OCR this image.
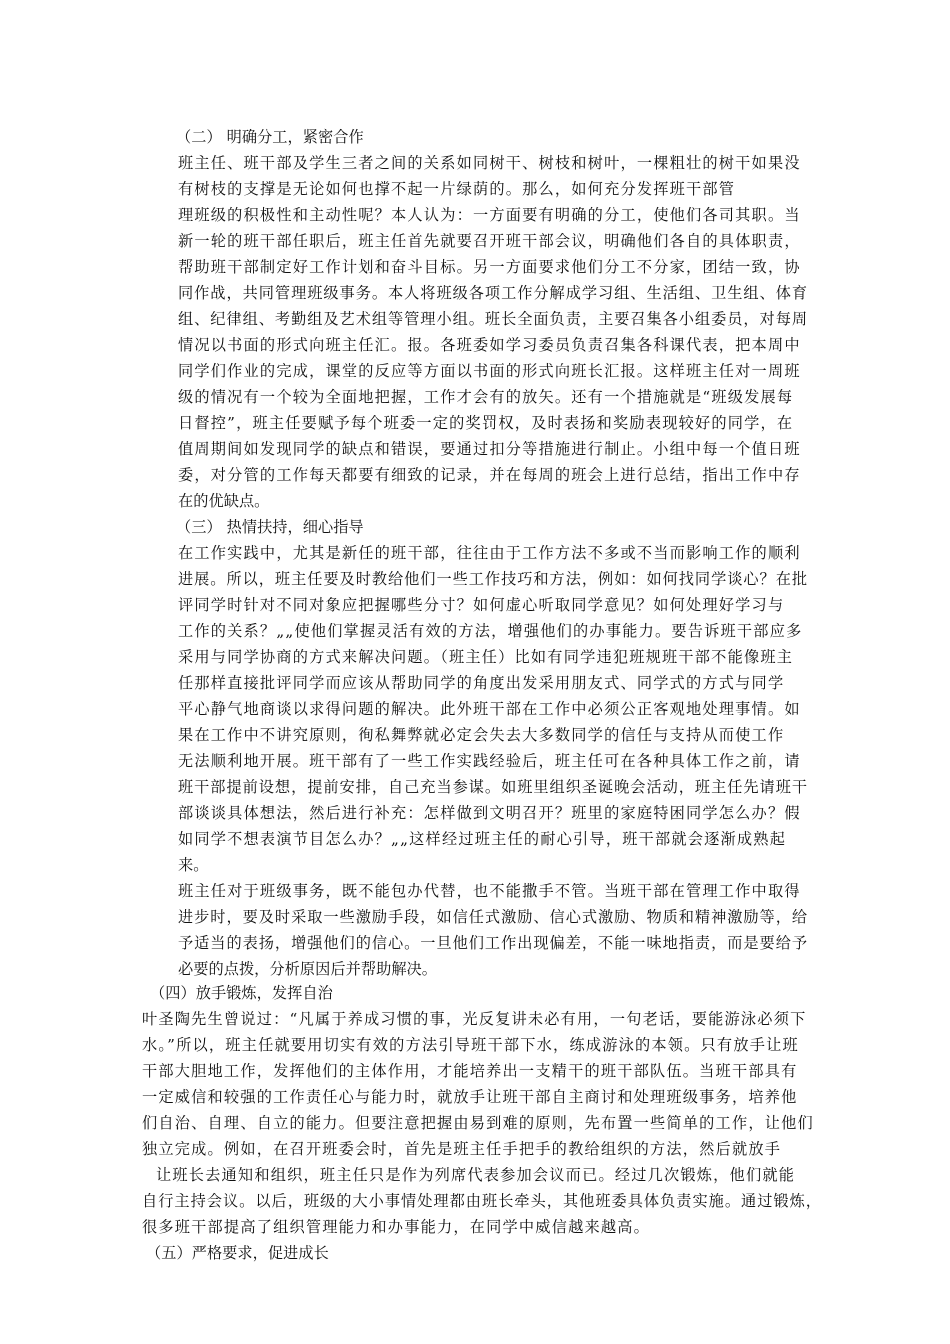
（二） 明确分工，紧密合作
班主任、班干部及学生三者之间的关系如同树干、树枝和树叶，一棵粗壮的树干如果没
有树枝的支撑是无论如何也撑不起一片绿荫的。那么，如何充分发挥班干部管
理班级的积极性和主动性呢？本人认为：一方面要有明确的分工，使他们各司其职。当
新一轮的班干部任职后，班主任首先就要召开班干部会议，明确他们各自的具体职责，
帮助班干部制定好工作计划和奋斗目标。另一方面要求他们分工不分家，团结一致，协
同作战，共同管理班级事务。本人将班级各项工作分解成学习组、生活组、卫生组、体育
组、纪律组、考勤组及艺术组等管理小组。班长全面负责，主要召集各小组委员，对每周
情况以书面的形式向班主任汇。报。各班委如学习委员负责召集各科课代表，把本周中
同学们作业的完成，课堂的反应等方面以书面的形式向班长汇报。这样班主任对一周班
级的情况有一个较为全面地把握，工作才会有的放矢。还有一个措施就是“班级发展每
日督控”，班主任要赋予每个班委一定的奖罚权，及时表扬和奖励表现较好的同学，在
值周期间如发现同学的缺点和错误，要通过扣分等措施进行制止。小组中每一个值日班
委，对分管的工作每天都要有细致的记录，并在每周的班会上进行总结，指出工作中存
在的优缺点。
（三） 热情扶持，细心指导
在工作实践中，尤其是新任的班干部，往往由于工作方法不多或不当而影响工作的顺利
进展。所以，班主任要及时教给他们一些工作技巧和方法，例如：如何找同学谈心？在批
评同学时针对不同对象应把握哪些分寸？如何虚心听取同学意见？如何处理好学习与
工作的关系？„„使他们掌握灵活有效的方法，增强他们的办事能力。要告诉班干部应多
采用与同学协商的方式来解决问题。（班主任）比如有同学违犯班规班干部不能像班主
任那样直接批评同学而应该从帮助同学的角度出发采用朋友式、同学式的方式与同学
平心静气地商谈以求得问题的解决。此外班干部在工作中必须公正客观地处理事情。如
果在工作中不讲究原则，徇私舞弊就必定会失去大多数同学的信任与支持从而使工作
无法顺利地开展。班干部有了一些工作实践经验后，班主任可在各种具体工作之前，请
班干部提前设想，提前安排，自己充当参谋。如班里组织圣诞晚会活动，班主任先请班干
部谈谈具体想法，然后进行补充：怎样做到文明召开？班里的家庭特困同学怎么办？假
如同学不想表演节目怎么办？„„这样经过班主任的耐心引导，班干部就会逐渐成熟起
来。
班主任对于班级事务，既不能包办代替，也不能撒手不管。当班干部在管理工作中取得
进步时，要及时采取一些激励手段，如信任式激励、信心式激励、物质和精神激励等，给
予适当的表扬，增强他们的信心。一旦他们工作出现偏差，不能一味地指责，而是要给予
必要的点拨，分析原因后并帮助解决。
（四）放手锻炼，发挥自治
叶圣陶先生曾说过：“凡属于养成习惯的事，光反复讲未必有用，一句老话，要能游泳必须下
水。”所以，班主任就要用切实有效的方法引导班干部下水，练成游泳的本领。只有放手让班
干部大胆地工作，发挥他们的主体作用，才能培养出一支精干的班干部队伍。当班干部具有
一定威信和较强的工作责任心与能力时，就放手让班干部自主商讨和处理班级事务，培养他
们自治、自理、自立的能力。但要注意把握由易到难的原则，先布置一些简单的工作，让他们
独立完成。例如，在召开班委会时，首先是班主任手把手的教给组织的方法，然后就放手
让班长去通知和组织，班主任只是作为列席代表参加会议而已。经过几次锻炼，他们就能
自行主持会议。以后，班级的大小事情处理都由班长牵头，其他班委具体负责实施。通过锻炼，
很多班干部提高了组织管理能力和办事能力，在同学中威信越来越高。
（五）严格要求，促进成长
